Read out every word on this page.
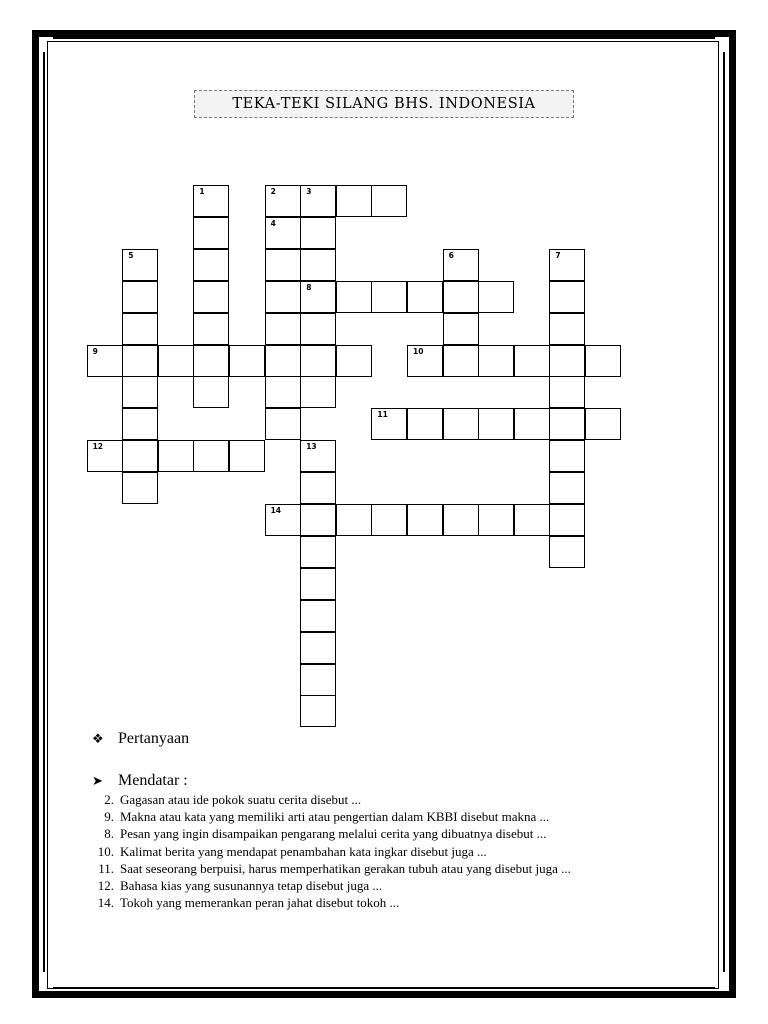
TEKA-TEKI SILANG BHS. INDONESIA
1	2	3
8
4
5	6	7
9	10
11
12	13
14
❖ Pertanyaan
➤ Mendatar :
2. Gagasan atau ide pokok suatu cerita disebut ...
9. Makna atau kata yang memiliki arti atau pengertian dalam KBBI disebut makna ...
8. Pesan yang ingin disampaikan pengarang melalui cerita yang dibuatnya disebut ...
10. Kalimat berita yang mendapat penambahan kata ingkar disebut juga ...
11. Saat seseorang berpuisi, harus memperhatikan gerakan tubuh atau yang disebut juga ...
12. Bahasa kias yang susunannya tetap disebut juga ...
14. Tokoh yang memerankan peran jahat disebut tokoh ...
